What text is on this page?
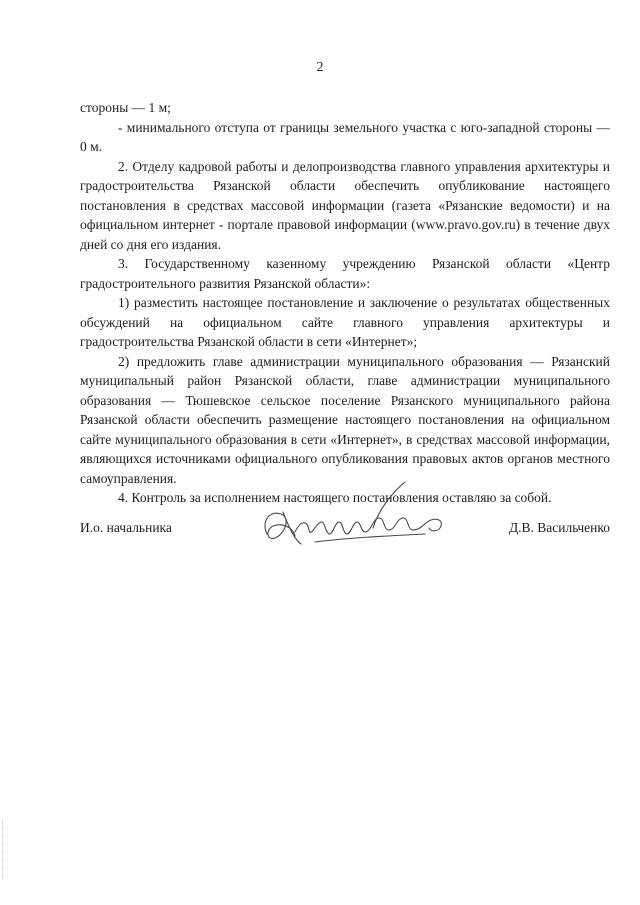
2

стороны — 1 м;

- минимального отступа от границы земельного участка с юго-западной стороны — 0 м.

2. Отделу кадровой работы и делопроизводства главного управления архитектуры и градостроительства Рязанской области обеспечить опубликование настоящего постановления в средствах массовой информации (газета «Рязанские ведомости) и на официальном интернет - портале правовой информации (www.pravo.gov.ru) в течение двух дней со дня его издания.

3. Государственному казенному учреждению Рязанской области «Центр градостроительного развития Рязанской области»:

1) разместить настоящее постановление и заключение о результатах общественных обсуждений на официальном сайте главного управления архитектуры и градостроительства Рязанской области в сети «Интернет»;

2) предложить главе администрации муниципального образования — Рязанский муниципальный район Рязанской области, главе администрации муниципального образования — Тюшевское сельское поселение Рязанского муниципального района Рязанской области обеспечить размещение настоящего постановления на официальном сайте муниципального образования в сети «Интернет», в средствах массовой информации, являющихся источниками официального опубликования правовых актов органов местного самоуправления.

4. Контроль за исполнением настоящего постановления оставляю за собой.

И.о. начальника	Д.В. Васильченко
